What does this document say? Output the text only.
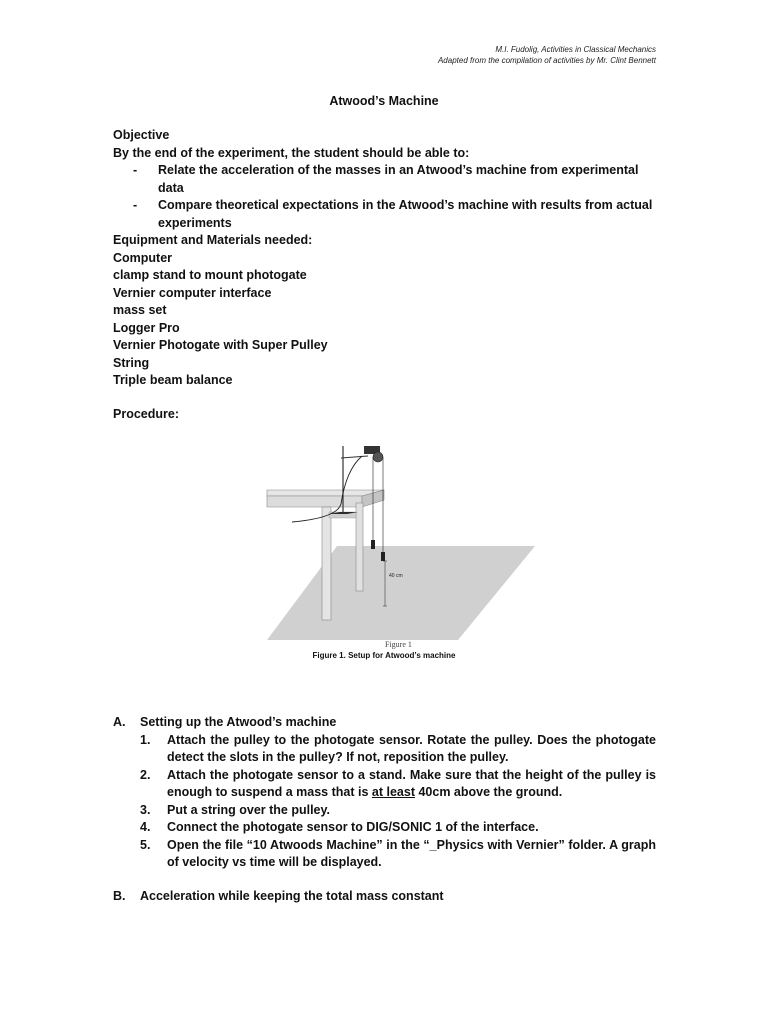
M.I. Fudolig, Activities in Classical Mechanics
Adapted from the compilation of activities by Mr. Clint Bennett
Atwood’s Machine
Objective
By the end of the experiment, the student should be able to:
- Relate the acceleration of the masses in an Atwood’s machine from experimental data
- Compare theoretical expectations in the Atwood’s machine with results from actual experiments
Equipment and Materials needed:
Computer
clamp stand to mount photogate
Vernier computer interface
mass set
Logger Pro
Vernier Photogate with Super Pulley
String
Triple beam balance
Procedure:
40 cm
Figure 1
Figure 1. Setup for Atwood’s machine
A. Setting up the Atwood’s machine
1. Attach the pulley to the photogate sensor. Rotate the pulley. Does the photogate detect the slots in the pulley? If not, reposition the pulley.
2. Attach the photogate sensor to a stand. Make sure that the height of the pulley is enough to suspend a mass that is at least 40cm above the ground.
3. Put a string over the pulley.
4. Connect the photogate sensor to DIG/SONIC 1 of the interface.
5. Open the file “10 Atwoods Machine” in the “_Physics with Vernier” folder. A graph of velocity vs time will be displayed.
B. Acceleration while keeping the total mass constant
